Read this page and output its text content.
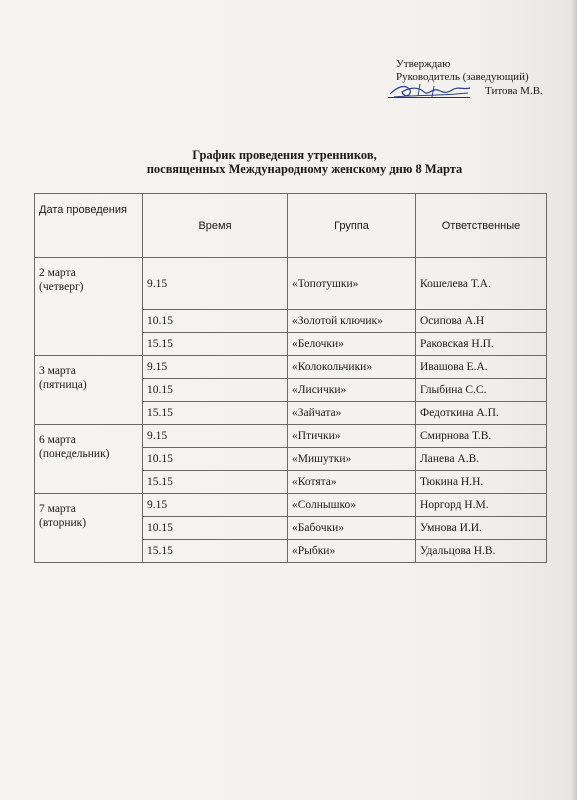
Утверждаю
Руководитель (заведующий)
Титова М.В.
График проведения утренников,
посвященных Международному женскому дню 8 Марта
Дата проведения	Время	Группа	Ответственные
2 марта
(четверг)	9.15	«Топотушки»	Кошелева Т.А.
	10.15	«Золотой ключик»	Осипова А.Н
	15.15	«Белочки»	Раковская Н.П.
3 марта
(пятница)	9.15	«Колокольчики»	Ивашова Е.А.
	10.15	«Лисички»	Глыбина С.С.
	15.15	«Зайчата»	Федоткина А.П.
6 марта
(понедельник)	9.15	«Птички»	Смирнова Т.В.
	10.15	«Мишутки»	Ланева А.В.
	15.15	«Котята»	Тюкина Н.Н.
7 марта
(вторник)	9.15	«Солнышко»	Норгорд Н.М.
	10.15	«Бабочки»	Умнова И.И.
	15.15	«Рыбки»	Удальцова Н.В.
